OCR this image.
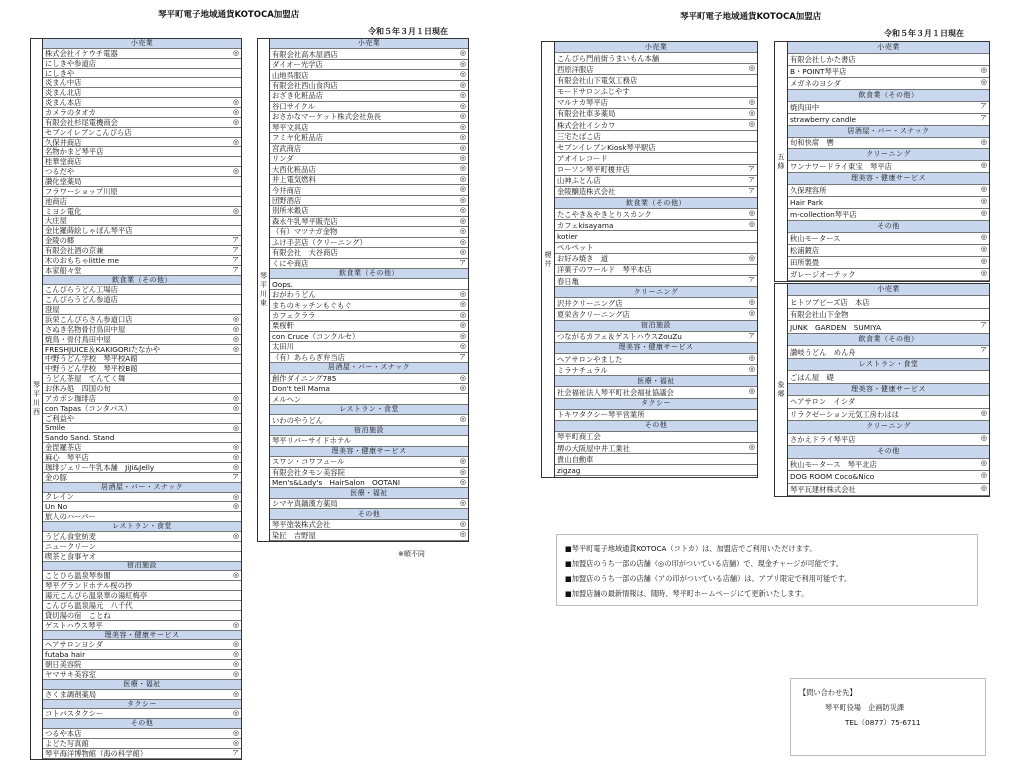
琴平町電子地域通貨KOTOCA加盟店
令和５年３月１日現在
琴
平
川
西
小売業
株式会社イケウチ電器	◎
にしきや参道店
にしきや
炎まん中店
炎まん北店
炎まん本店	◎
カメラのタオカ	◎
有限会社杉尾電機商会	◎
セブンイレブンこんぴら店
久保井商店	◎
名物かまど琴平店
桂華堂商店
つるだや	◎
讃化堂薬局
フラワーショップ川原
池商店
ミヨシ電化	◎
大庄屋
金比羅蒔絵しゃぼん琴平店
金陵の郷	ア
有限会社酒の京兼	ア
木のおもちゃlittle me	ア
本家船々堂	ア
飲食業（その他）
こんぴらうどん工場店
こんぴらうどん参道店
澄屋
浜栄こんぴらさん参道口店	◎
さぬき名物骨付鳥田中屋	◎
焼鳥・骨付鳥田中屋	◎
FRESHJUICE＆KAKIGORIたなかや	◎
中野うどん学校　琴平校A館
中野うどん学校　琴平校B館
うどん茶屋　てんてく舞
お休み処　四国の旬
アカボシ珈琲店	◎
con Tapas（コンタパス）	◎
ご利益や
Smile	◎
Sando Sand. Stand
金毘羅茶店	◎
麻心　琴平店	◎
珈琲ジェリー牛乳本舗　JiJi&Jelly	◎
金の豚	ア
居酒屋・バー・スナック
クレイン	◎
Un No	◎
旅人のハーバー
レストラン・食堂
うどん食堂紡麦	◎
ニュークリーン
喫茶と食事ヤオ
宿泊施設
ことひら温泉琴参閣	◎
琴平グランドホテル桜の抄
湯元こんぴら温泉華の湯紅梅亭
こんぴら温泉湯元　八千代
貸切湯の宿　ことね
ゲストハウス琴平	◎
理美容・健康サービス
ヘアサロンヨシダ	◎
futaba hair	◎
朝日美容院	◎
ヤマサキ美容室	◎
医療・福祉
さくま調剤薬局	◎
タクシー
コトバスタクシー	◎
その他
つるや本店	◎
よどた写真館	◎
琴平海洋博物館（海の科学館）	ア
琴
平
川
東
小売業
有限会社高木屋酒店	◎
ダイオー光学店	◎
山地呉服店	◎
有限会社西山食肉店	◎
おざき化粧品店	◎
谷口サイクル	◎
おさかなマーケット株式会社魚長	◎
琴平文具店	◎
フミヤ化粧品店	◎
宮武商店	◎
リンダ	◎
大西化粧品店	◎
井上電気燃料	◎
今井商店	◎
団野酒店	◎
別所米穀店	◎
森永牛乳琴平販売店	◎
（有）マツナガ金物	◎
ふけ手芸店（クリーニング）	◎
有限会社　大谷商店	◎
くにや商店	ア
飲食業（その他）
Oops.
おがわうどん	◎
まちのキッチンもぐもぐ	◎
カフェクララ	◎
栗桜軒	◎
con Cruce（コンクルセ）	◎
太田川	◎
（有）あららぎ弁当店	ア
居酒屋・バー・スナック
創作ダイニング785	◎
Don't tell Mama	◎
メルヘン
レストラン・食堂
いわのやうどん	◎
宿泊施設
琴平リバーサイドホテル
理美容・健康サービス
スワン・コワフュール	◎
有限会社タモン美容院	◎
Men's&Lady's　HairSalon　OOTANI	◎
医療・福祉
シマヤ真鍋漢方薬局	◎
その他
琴平塗装株式会社	◎
染匠　吉野屋	◎
※順不同
琴平町電子地域通貨KOTOCA加盟店
令和５年３月１日現在
榎
井
小売業
こんぴら門前街うまいもん本舗
西原洋服店	◎
有限会社山下電気工務店
モードサロンふじやす
マルナカ琴平店	◎
有限会社車多薬局	◎
株式会社イシカワ	◎
三宅たばこ店
セブンイレブンKiosk琴平駅店
アオイレコード
ローソン琴平町榎井店	ア
山神ふとん店	ア
金陵醸造株式会社	ア
飲食業（その他）
たこやき＆やきとりスカンク	◎
カフェkisayama	◎
kotier
ペルペット
お好み焼き　道	◎
洋菓子のワールド　琴平本店
春日亀	ア
クリーニング
沢井クリーニング店	◎
夏栄舎クリーニング店	◎
宿泊施設
つながるカフェ＆ゲストハウスZouZu	ア
理美容・健康サービス
ヘアサロンやました	◎
ミラナチュラル	◎
医療・福祉
社会福祉法人琴平町社会福祉協議会	◎
タクシー
トキワタクシー琴平営業所
その他
琴平町商工会
堺の大阪屋中井工業社	◎
貴山自動車
zigzag
五
條
小売業
有限会社しかた書店
B・POINT琴平店	◎
メガネのヨシダ	◎
飲食業（その他）
焼肉田中	ア
strawberry candle	ア
居酒屋・バー・スナック
旬和快席　轡	◎
クリーニング
ワンナワードライ東宝　琴平店	◎
理美容・健康サービス
久保理容所	◎
Hair Park	◎
m-collection琴平店	◎
その他
秋山モータース	◎
松浦鍍店	◎
田所製畳	◎
ガレージオーテック	◎
象
郷
小売業
ヒトツブビーズ店　本店
有限会社山下金物
JUNK　GARDEN　SUMIYA	ア
飲食業（その他）
讃岐うどん　めん舟	ア
レストラン・食堂
ごはん屋　礎
理美容・健康サービス
ヘアサロン　イシダ
リラクゼーション元気工房わはは	◎
クリーニング
さかえドライ琴平店	◎
その他
秋山モータース　琴平北店	◎
DOG ROOM Coco&Nico	◎
琴平瓦建材株式会社	◎
■琴平町電子地域通貨KOTOCA（コトカ）は、加盟店でご利用いただけます。
■加盟店のうち一部の店舗（◎の印がついている店舗）で、現金チャージが可能です。
■加盟店のうち一部の店舗（アの印がついている店舗）は、アプリ限定で利用可能です。
■加盟店舗の最新情報は、随時、琴平町ホームページにて更新いたします。
【問い合わせ先】
琴平町役場　企画防災課
TEL（0877）75-6711
